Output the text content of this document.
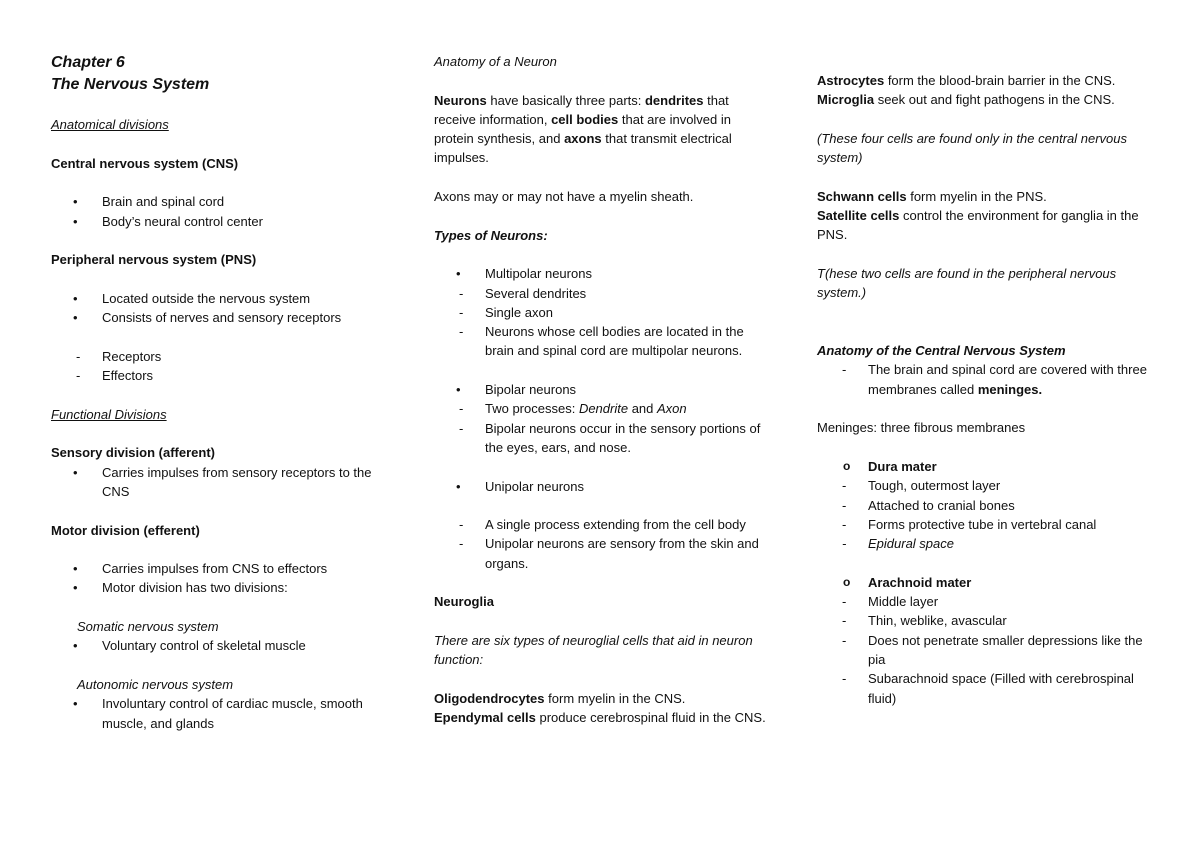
Chapter 6

The Nervous System

Anatomical divisions

Central nervous system (CNS)

• Brain and spinal cord
• Body’s neural control center

Peripheral nervous system (PNS)

• Located outside the nervous system
• Consists of nerves and sensory receptors
- Receptors
- Effectors

Functional Divisions

Sensory division (afferent)

• Carries impulses from sensory receptors to the CNS

Motor division (efferent)

• Carries impulses from CNS to effectors
• Motor division has two divisions:

Somatic nervous system

• Voluntary control of skeletal muscle

Autonomic nervous system

• Involuntary control of cardiac muscle, smooth muscle, and glands

Anatomy of a Neuron

Neurons have basically three parts: dendrites that receive information, cell bodies that are involved in protein synthesis, and axons that transmit electrical impulses.

Axons may or may not have a myelin sheath.

Types of Neurons:

• Multipolar neurons
- Several dendrites
- Single axon
- Neurons whose cell bodies are located in the brain and spinal cord are multipolar neurons.
• Bipolar neurons
- Two processes: Dendrite and Axon
- Bipolar neurons occur in the sensory portions of the eyes, ears, and nose.
• Unipolar neurons
- A single process extending from the cell body
- Unipolar neurons are sensory from the skin and organs.

Neuroglia

There are six types of neuroglial cells that aid in neuron function:

Oligodendrocytes form myelin in the CNS.

Ependymal cells produce cerebrospinal fluid in the CNS.

Astrocytes form the blood-brain barrier in the CNS.

Microglia seek out and fight pathogens in the CNS.

(These four cells are found only in the central nervous system)

Schwann cells form myelin in the PNS.

Satellite cells control the environment for ganglia in the PNS.

T(hese two cells are found in the peripheral nervous system.)

Anatomy of the Central Nervous System

- The brain and spinal cord are covered with three membranes called meninges.

Meninges: three fibrous membranes

o Dura mater
- Tough, outermost layer
- Attached to cranial bones
- Forms protective tube in vertebral canal
- Epidural space
o Arachnoid mater
- Middle layer
- Thin, weblike, avascular
- Does not penetrate smaller depressions like the pia
- Subarachnoid space (Filled with cerebrospinal fluid)
